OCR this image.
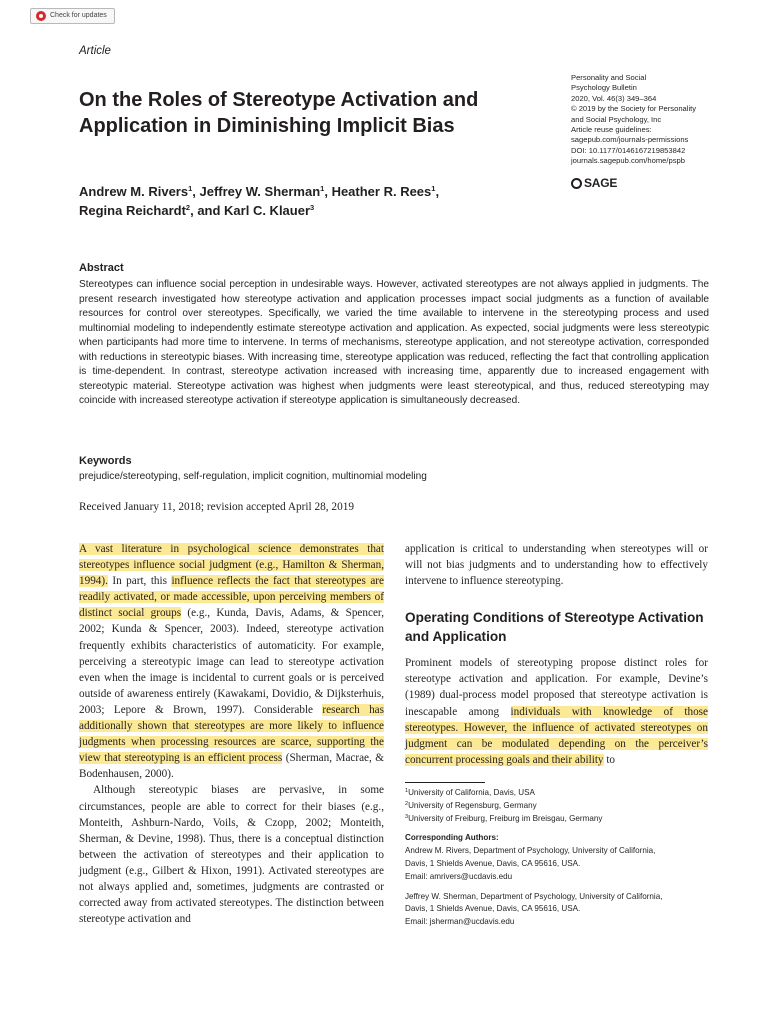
Check for updates
Article
On the Roles of Stereotype Activation and Application in Diminishing Implicit Bias
Personality and Social
Psychology Bulletin
2020, Vol. 46(3) 349–364
© 2019 by the Society for Personality
and Social Psychology, Inc
Article reuse guidelines:
sagepub.com/journals-permissions
DOI: 10.1177/0146167219853842
journals.sagepub.com/home/pspb
SAGE
Andrew M. Rivers$^1$, Jeffrey W. Sherman$^1$, Heather R. Rees$^1$,
Regina Reichardt$^2$, and Karl C. Klauer$^3$
Abstract
Stereotypes can influence social perception in undesirable ways. However, activated stereotypes are not always applied in judgments. The present research investigated how stereotype activation and application processes impact social judgments as a function of available resources for control over stereotypes. Specifically, we varied the time available to intervene in the stereotyping process and used multinomial modeling to independently estimate stereotype activation and application. As expected, social judgments were less stereotypic when participants had more time to intervene. In terms of mechanisms, stereotype application, and not stereotype activation, corresponded with reductions in stereotypic biases. With increasing time, stereotype application was reduced, reflecting the fact that controlling application is time-dependent. In contrast, stereotype activation increased with increasing time, apparently due to increased engagement with stereotypic material. Stereotype activation was highest when judgments were least stereotypical, and thus, reduced stereotyping may coincide with increased stereotype activation if stereotype application is simultaneously decreased.
Keywords
prejudice/stereotyping, self-regulation, implicit cognition, multinomial modeling
Received January 11, 2018; revision accepted April 28, 2019

A vast literature in psychological science demonstrates that stereotypes influence social judgment (e.g., Hamilton & Sherman, 1994). In part, this influence reflects the fact that stereotypes are readily activated, or made accessible, upon perceiving members of distinct social groups (e.g., Kunda, Davis, Adams, & Spencer, 2002; Kunda & Spencer, 2003). Indeed, stereotype activation frequently exhibits characteristics of automaticity. For example, perceiving a stereotypic image can lead to stereotype activation even when the image is incidental to current goals or is perceived outside of awareness entirely (Kawakami, Dovidio, & Dijksterhuis, 2003; Lepore & Brown, 1997). Considerable research has additionally shown that stereotypes are more likely to influence judgments when processing resources are scarce, supporting the view that stereotyping is an efficient process (Sherman, Macrae, & Bodenhausen, 2000).

Although stereotypic biases are pervasive, in some circumstances, people are able to correct for their biases (e.g., Monteith, Ashburn-Nardo, Voils, & Czopp, 2002; Monteith, Sherman, & Devine, 1998). Thus, there is a conceptual distinction between the activation of stereotypes and their application to judgment (e.g., Gilbert & Hixon, 1991). Activated stereotypes are not always applied and, sometimes, judgments are contrasted or corrected away from activated stereotypes. The distinction between stereotype activation and

application is critical to understanding when stereotypes will or will not bias judgments and to understanding how to effectively intervene to influence stereotyping.

Operating Conditions of Stereotype Activation and Application

Prominent models of stereotyping propose distinct roles for stereotype activation and application. For example, Devine’s (1989) dual-process model proposed that stereotype activation is inescapable among individuals with knowledge of those stereotypes. However, the influence of activated stereotypes on judgment can be modulated depending on the perceiver’s concurrent processing goals and their ability to

$^1$University of California, Davis, USA
$^2$University of Regensburg, Germany
$^3$University of Freiburg, Freiburg im Breisgau, Germany
Corresponding Authors:
Andrew M. Rivers, Department of Psychology, University of California,
Davis, 1 Shields Avenue, Davis, CA 95616, USA.
Email: amrivers@ucdavis.edu
Jeffrey W. Sherman, Department of Psychology, University of California,
Davis, 1 Shields Avenue, Davis, CA 95616, USA.
Email: jsherman@ucdavis.edu
